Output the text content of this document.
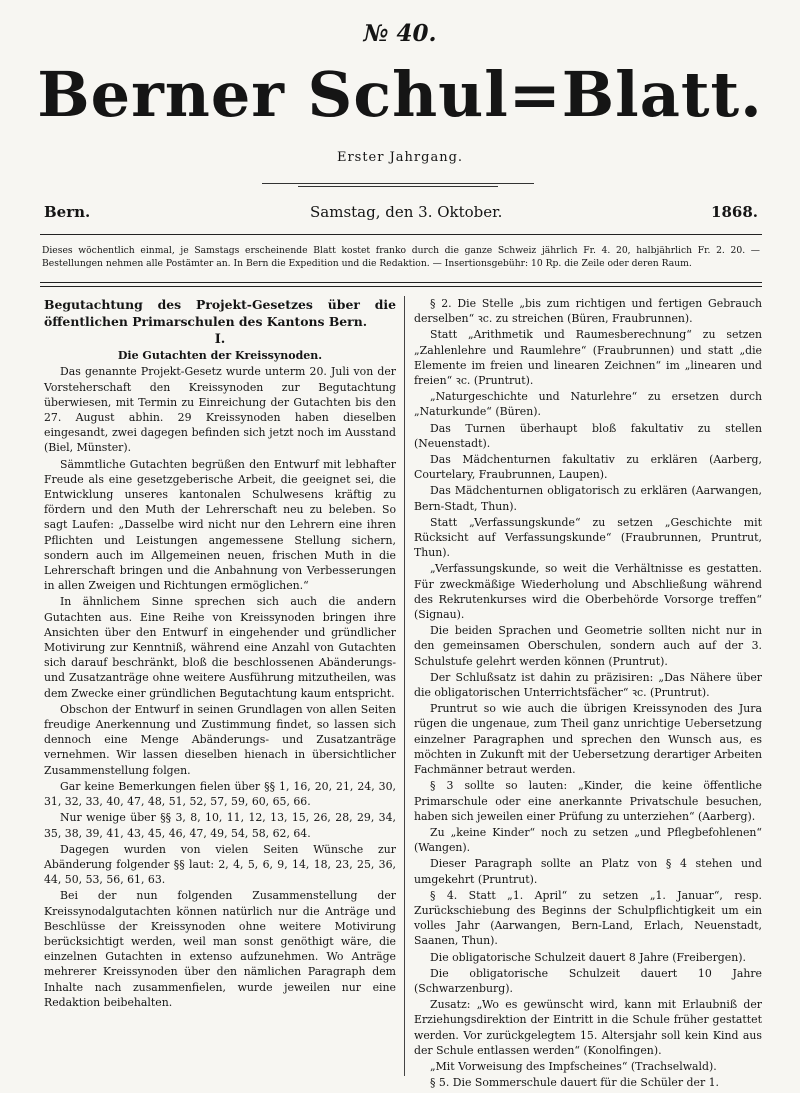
№ 40.
Berner Schul=Blatt.
Erster Jahrgang.
Bern.	Samstag, den 3. Oktober.	1868.
Dieses wöchentlich einmal, je Samstags erscheinende Blatt kostet franko durch die ganze Schweiz jährlich Fr. 4. 20, halbjährlich Fr. 2. 20. — Bestellungen nehmen alle Postämter an. In Bern die Expedition und die Redaktion. — Insertionsgebühr: 10 Rp. die Zeile oder deren Raum.

Begutachtung des Projekt-Gesetzes über die öffentlichen Primarschulen des Kantons Bern.

I.

Die Gutachten der Kreissynoden.

Das genannte Projekt-Gesetz wurde unterm 20. Juli von der Vorsteherschaft den Kreissynoden zur Begutachtung überwiesen, mit Termin zu Einreichung der Gutachten bis den 27. August abhin. 29 Kreissynoden haben dieselben eingesandt, zwei dagegen befinden sich jetzt noch im Ausstand (Biel, Münster).

Sämmtliche Gutachten begrüßen den Entwurf mit lebhafter Freude als eine gesetzgeberische Arbeit, die geeignet sei, die Entwicklung unseres kantonalen Schulwesens kräftig zu fördern und den Muth der Lehrerschaft neu zu beleben. So sagt Laufen: „Dasselbe wird nicht nur den Lehrern eine ihren Pflichten und Leistungen angemessene Stellung sichern, sondern auch im Allgemeinen neuen, frischen Muth in die Lehrerschaft bringen und die Anbahnung von Verbesserungen in allen Zweigen und Richtungen ermöglichen.“

In ähnlichem Sinne sprechen sich auch die andern Gutachten aus. Eine Reihe von Kreissynoden bringen ihre Ansichten über den Entwurf in eingehender und gründlicher Motivirung zur Kenntniß, während eine Anzahl von Gutachten sich darauf beschränkt, bloß die beschlossenen Abänderungs- und Zusatzanträge ohne weitere Ausführung mitzutheilen, was dem Zwecke einer gründlichen Begutachtung kaum entspricht.

Obschon der Entwurf in seinen Grundlagen von allen Seiten freudige Anerkennung und Zustimmung findet, so lassen sich dennoch eine Menge Abänderungs- und Zusatzanträge vernehmen. Wir lassen dieselben hienach in übersichtlicher Zusammenstellung folgen.

Gar keine Bemerkungen fielen über §§ 1, 16, 20, 21, 24, 30, 31, 32, 33, 40, 47, 48, 51, 52, 57, 59, 60, 65, 66.

Nur wenige über §§ 3, 8, 10, 11, 12, 13, 15, 26, 28, 29, 34, 35, 38, 39, 41, 43, 45, 46, 47, 49, 54, 58, 62, 64.

Dagegen wurden von vielen Seiten Wünsche zur Abänderung folgender §§ laut: 2, 4, 5, 6, 9, 14, 18, 23, 25, 36, 44, 50, 53, 56, 61, 63.

Bei der nun folgenden Zusammenstellung der Kreissynodalgutachten können natürlich nur die Anträge und Beschlüsse der Kreissynoden ohne weitere Motivirung berücksichtigt werden, weil man sonst genöthigt wäre, die einzelnen Gutachten in extenso aufzunehmen. Wo Anträge mehrerer Kreissynoden über den nämlichen Paragraph dem Inhalte nach zusammenfielen, wurde jeweilen nur eine Redaktion beibehalten.

§ 2. Die Stelle „bis zum richtigen und fertigen Gebrauch derselben“ ꝛc. zu streichen (Büren, Fraubrunnen).

Statt „Arithmetik und Raumesberechnung“ zu setzen „Zahlenlehre und Raumlehre“ (Fraubrunnen) und statt „die Elemente im freien und linearen Zeichnen“ im „linearen und freien“ ꝛc. (Pruntrut).

„Naturgeschichte und Naturlehre“ zu ersetzen durch „Naturkunde“ (Büren).

Das Turnen überhaupt bloß fakultativ zu stellen (Neuenstadt).

Das Mädchenturnen fakultativ zu erklären (Aarberg, Courtelary, Fraubrunnen, Laupen).

Das Mädchenturnen obligatorisch zu erklären (Aarwangen, Bern-Stadt, Thun).

Statt „Verfassungskunde“ zu setzen „Geschichte mit Rücksicht auf Verfassungskunde“ (Fraubrunnen, Pruntrut, Thun).

„Verfassungskunde, so weit die Verhältnisse es gestatten. Für zweckmäßige Wiederholung und Abschließung während des Rekrutenkurses wird die Oberbehörde Vorsorge treffen“ (Signau).

Die beiden Sprachen und Geometrie sollten nicht nur in den gemeinsamen Oberschulen, sondern auch auf der 3. Schulstufe gelehrt werden können (Pruntrut).

Der Schlußsatz ist dahin zu präzisiren: „Das Nähere über die obligatorischen Unterrichtsfächer“ ꝛc. (Pruntrut).

Pruntrut so wie auch die übrigen Kreissynoden des Jura rügen die ungenaue, zum Theil ganz unrichtige Uebersetzung einzelner Paragraphen und sprechen den Wunsch aus, es möchten in Zukunft mit der Uebersetzung derartiger Arbeiten Fachmänner betraut werden.

§ 3 sollte so lauten: „Kinder, die keine öffentliche Primarschule oder eine anerkannte Privatschule besuchen, haben sich jeweilen einer Prüfung zu unterziehen“ (Aarberg).

Zu „keine Kinder“ noch zu setzen „und Pflegbefohlenen“ (Wangen).

Dieser Paragraph sollte an Platz von § 4 stehen und umgekehrt (Pruntrut).

§ 4. Statt „1. April“ zu setzen „1. Januar“, resp. Zurückschiebung des Beginns der Schulpflichtigkeit um ein volles Jahr (Aarwangen, Bern-Land, Erlach, Neuenstadt, Saanen, Thun).

Die obligatorische Schulzeit dauert 8 Jahre (Freibergen).

Die obligatorische Schulzeit dauert 10 Jahre (Schwarzenburg).

Zusatz: „Wo es gewünscht wird, kann mit Erlaubniß der Erziehungsdirektion der Eintritt in die Schule früher gestattet werden. Vor zurückgelegtem 15. Altersjahr soll kein Kind aus der Schule entlassen werden“ (Konolfingen).

„Mit Vorweisung des Impfscheines“ (Trachselwald).

§ 5. Die Sommerschule dauert für die Schüler der 1.
